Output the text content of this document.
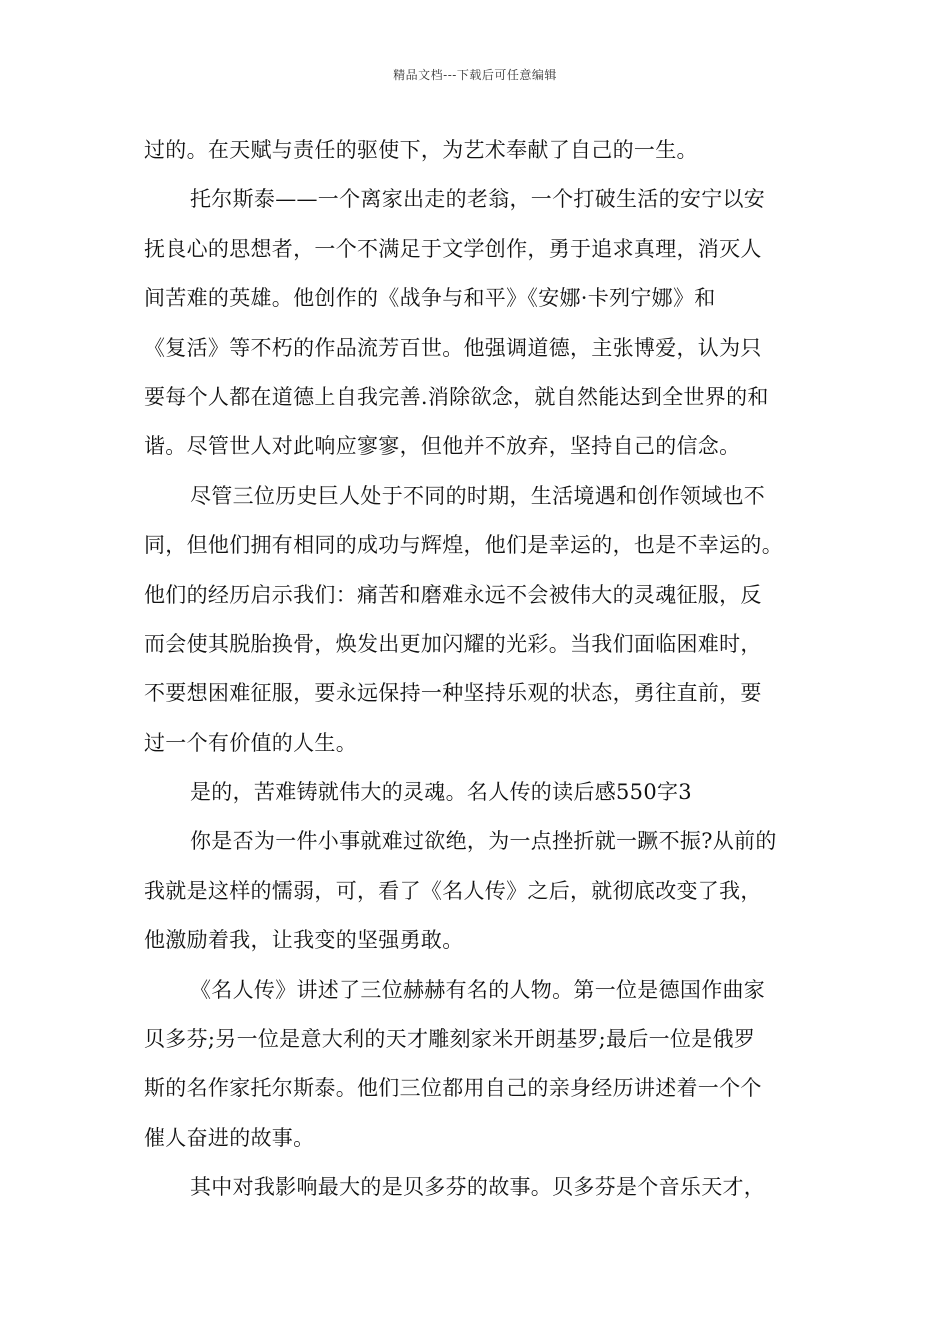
精品文档---下载后可任意编辑
过的。在天赋与责任的驱使下，为艺术奉献了自己的一生。
托尔斯泰——一个离家出走的老翁，一个打破生活的安宁以安
抚良心的思想者，一个不满足于文学创作，勇于追求真理，消灭人
间苦难的英雄。他创作的《战争与和平》《安娜·卡列宁娜》和
《复活》等不朽的作品流芳百世。他强调道德，主张博爱，认为只
要每个人都在道德上自我完善.消除欲念，就自然能达到全世界的和
谐。尽管世人对此响应寥寥，但他并不放弃，坚持自己的信念。
尽管三位历史巨人处于不同的时期，生活境遇和创作领域也不
同，但他们拥有相同的成功与辉煌，他们是幸运的，也是不幸运的。
他们的经历启示我们：痛苦和磨难永远不会被伟大的灵魂征服，反
而会使其脱胎换骨，焕发出更加闪耀的光彩。当我们面临困难时，
不要想困难征服，要永远保持一种坚持乐观的状态，勇往直前，要
过一个有价值的人生。
是的，苦难铸就伟大的灵魂。名人传的读后感550字3
你是否为一件小事就难过欲绝，为一点挫折就一蹶不振?从前的
我就是这样的懦弱，可，看了《名人传》之后，就彻底改变了我，
他激励着我，让我变的坚强勇敢。
《名人传》讲述了三位赫赫有名的人物。第一位是德国作曲家
贝多芬;另一位是意大利的天才雕刻家米开朗基罗;最后一位是俄罗
斯的名作家托尔斯泰。他们三位都用自己的亲身经历讲述着一个个
催人奋进的故事。
其中对我影响最大的是贝多芬的故事。贝多芬是个音乐天才，
